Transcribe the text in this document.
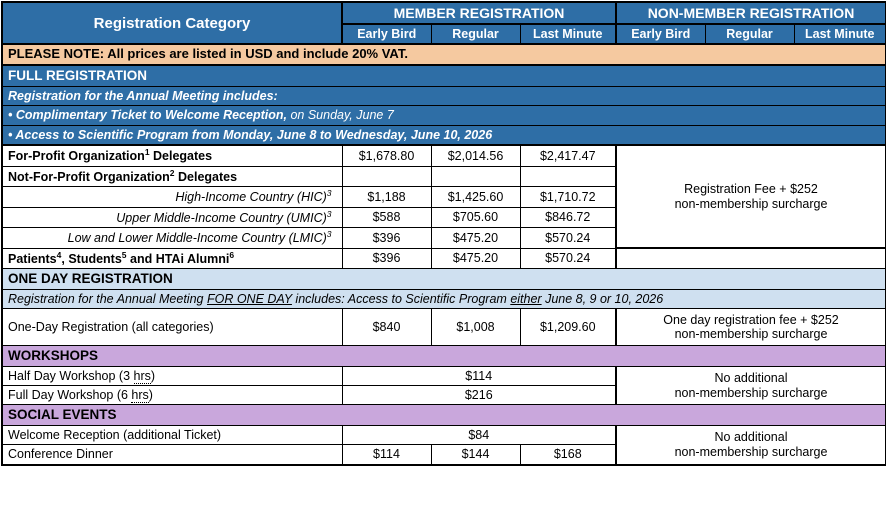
Registration Category	MEMBER REGISTRATION			NON-MEMBER REGISTRATION		
	Early Bird	Regular	Last Minute	Early Bird	Regular	Last Minute
PLEASE NOTE: All prices are listed in USD and include 20% VAT.						
FULL REGISTRATION						
Registration for the Annual Meeting includes:						
• Complimentary Ticket to Welcome Reception, on Sunday, June 7						
• Access to Scientific Program from Monday, June 8 to Wednesday, June 10, 2026						
For-Profit Organization$^1$ Delegates	$1,678.80	$2,014.56	$2,417.47	Registration Fee + $252
non-membership surcharge		

Not-For-Profit Organization$^2$ Delegates						
High-Income Country (HIC)$^3$	$1,188	$1,425.60	$1,710.72			
Upper Middle-Income Country (UMIC)$^3$	$588	$705.60	$846.72			
Low and Lower Middle-Income Country (LMIC)$^3$	$396	$475.20	$570.24			
Patients$^4$, Students$^5$ and HTAi Alumni$^6$	$396	$475.20	$570.24			
ONE DAY REGISTRATION						
Registration for the Annual Meeting FOR ONE DAY includes: Access to Scientific Program either June 8, 9 or 10, 2026						
One-Day Registration (all categories)	$840	$1,008	$1,209.60	One day registration fee + $252
non-membership surcharge		

WORKSHOPS						
Half Day Workshop (3 hrs)	$114			No additional
non-membership surcharge		

Full Day Workshop (6 hrs)	$216					
SOCIAL EVENTS						
Welcome Reception (additional Ticket)	$84			No additional
non-membership surcharge		

Conference Dinner	$114	$144	$168			
